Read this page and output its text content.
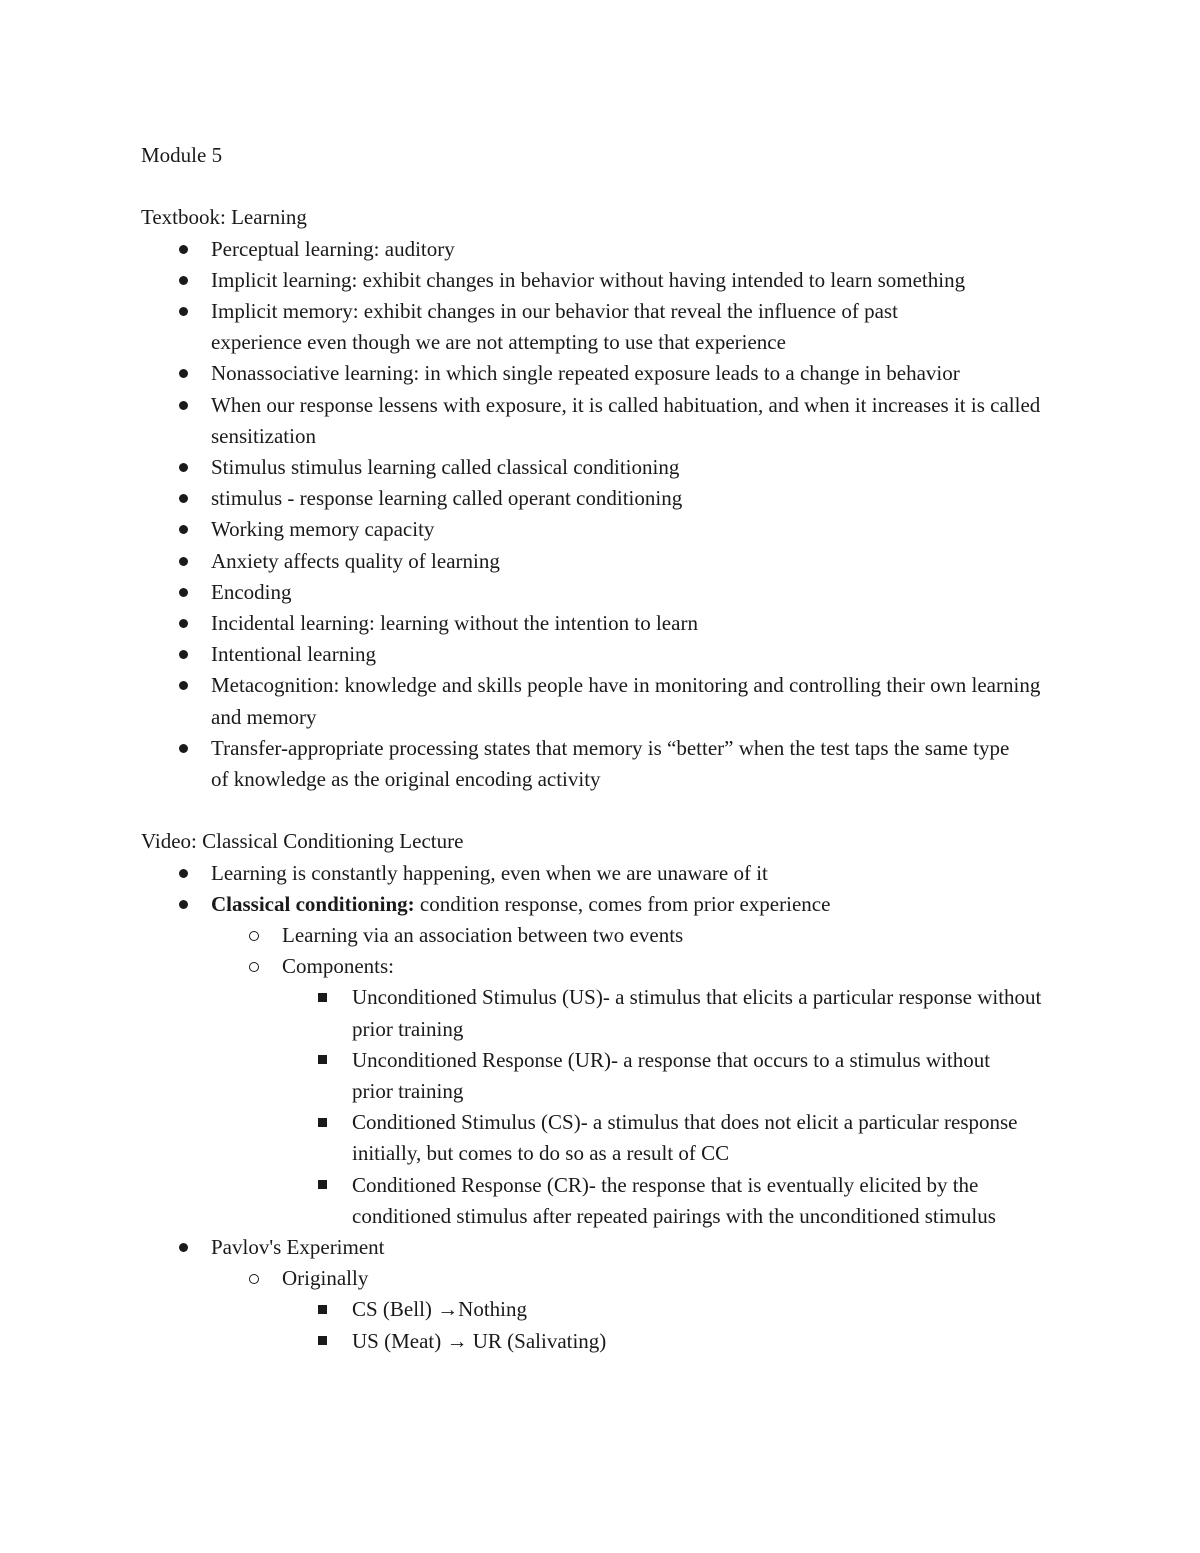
Module 5
Textbook: Learning
Perceptual learning: auditory
Implicit learning: exhibit changes in behavior without having intended to learn something
Implicit memory: exhibit changes in our behavior that reveal the influence of past experience even though we are not attempting to use that experience
Nonassociative learning: in which single repeated exposure leads to a change in behavior
When our response lessens with exposure, it is called habituation, and when it increases it is called sensitization
Stimulus stimulus learning called classical conditioning
stimulus - response learning called operant conditioning
Working memory capacity
Anxiety affects quality of learning
Encoding
Incidental learning: learning without the intention to learn
Intentional learning
Metacognition: knowledge and skills people have in monitoring and controlling their own learning and memory
Transfer-appropriate processing states that memory is “better” when the test taps the same type of knowledge as the original encoding activity
Video: Classical Conditioning Lecture
Learning is constantly happening, even when we are unaware of it
Classical conditioning: condition response, comes from prior experience
Learning via an association between two events
Components:
Unconditioned Stimulus (US)- a stimulus that elicits a particular response without prior training
Unconditioned Response (UR)- a response that occurs to a stimulus without prior training
Conditioned Stimulus (CS)- a stimulus that does not elicit a particular response initially, but comes to do so as a result of CC
Conditioned Response (CR)- the response that is eventually elicited by the conditioned stimulus after repeated pairings with the unconditioned stimulus
Pavlov's Experiment
Originally
CS (Bell) →Nothing
US (Meat) → UR (Salivating)
